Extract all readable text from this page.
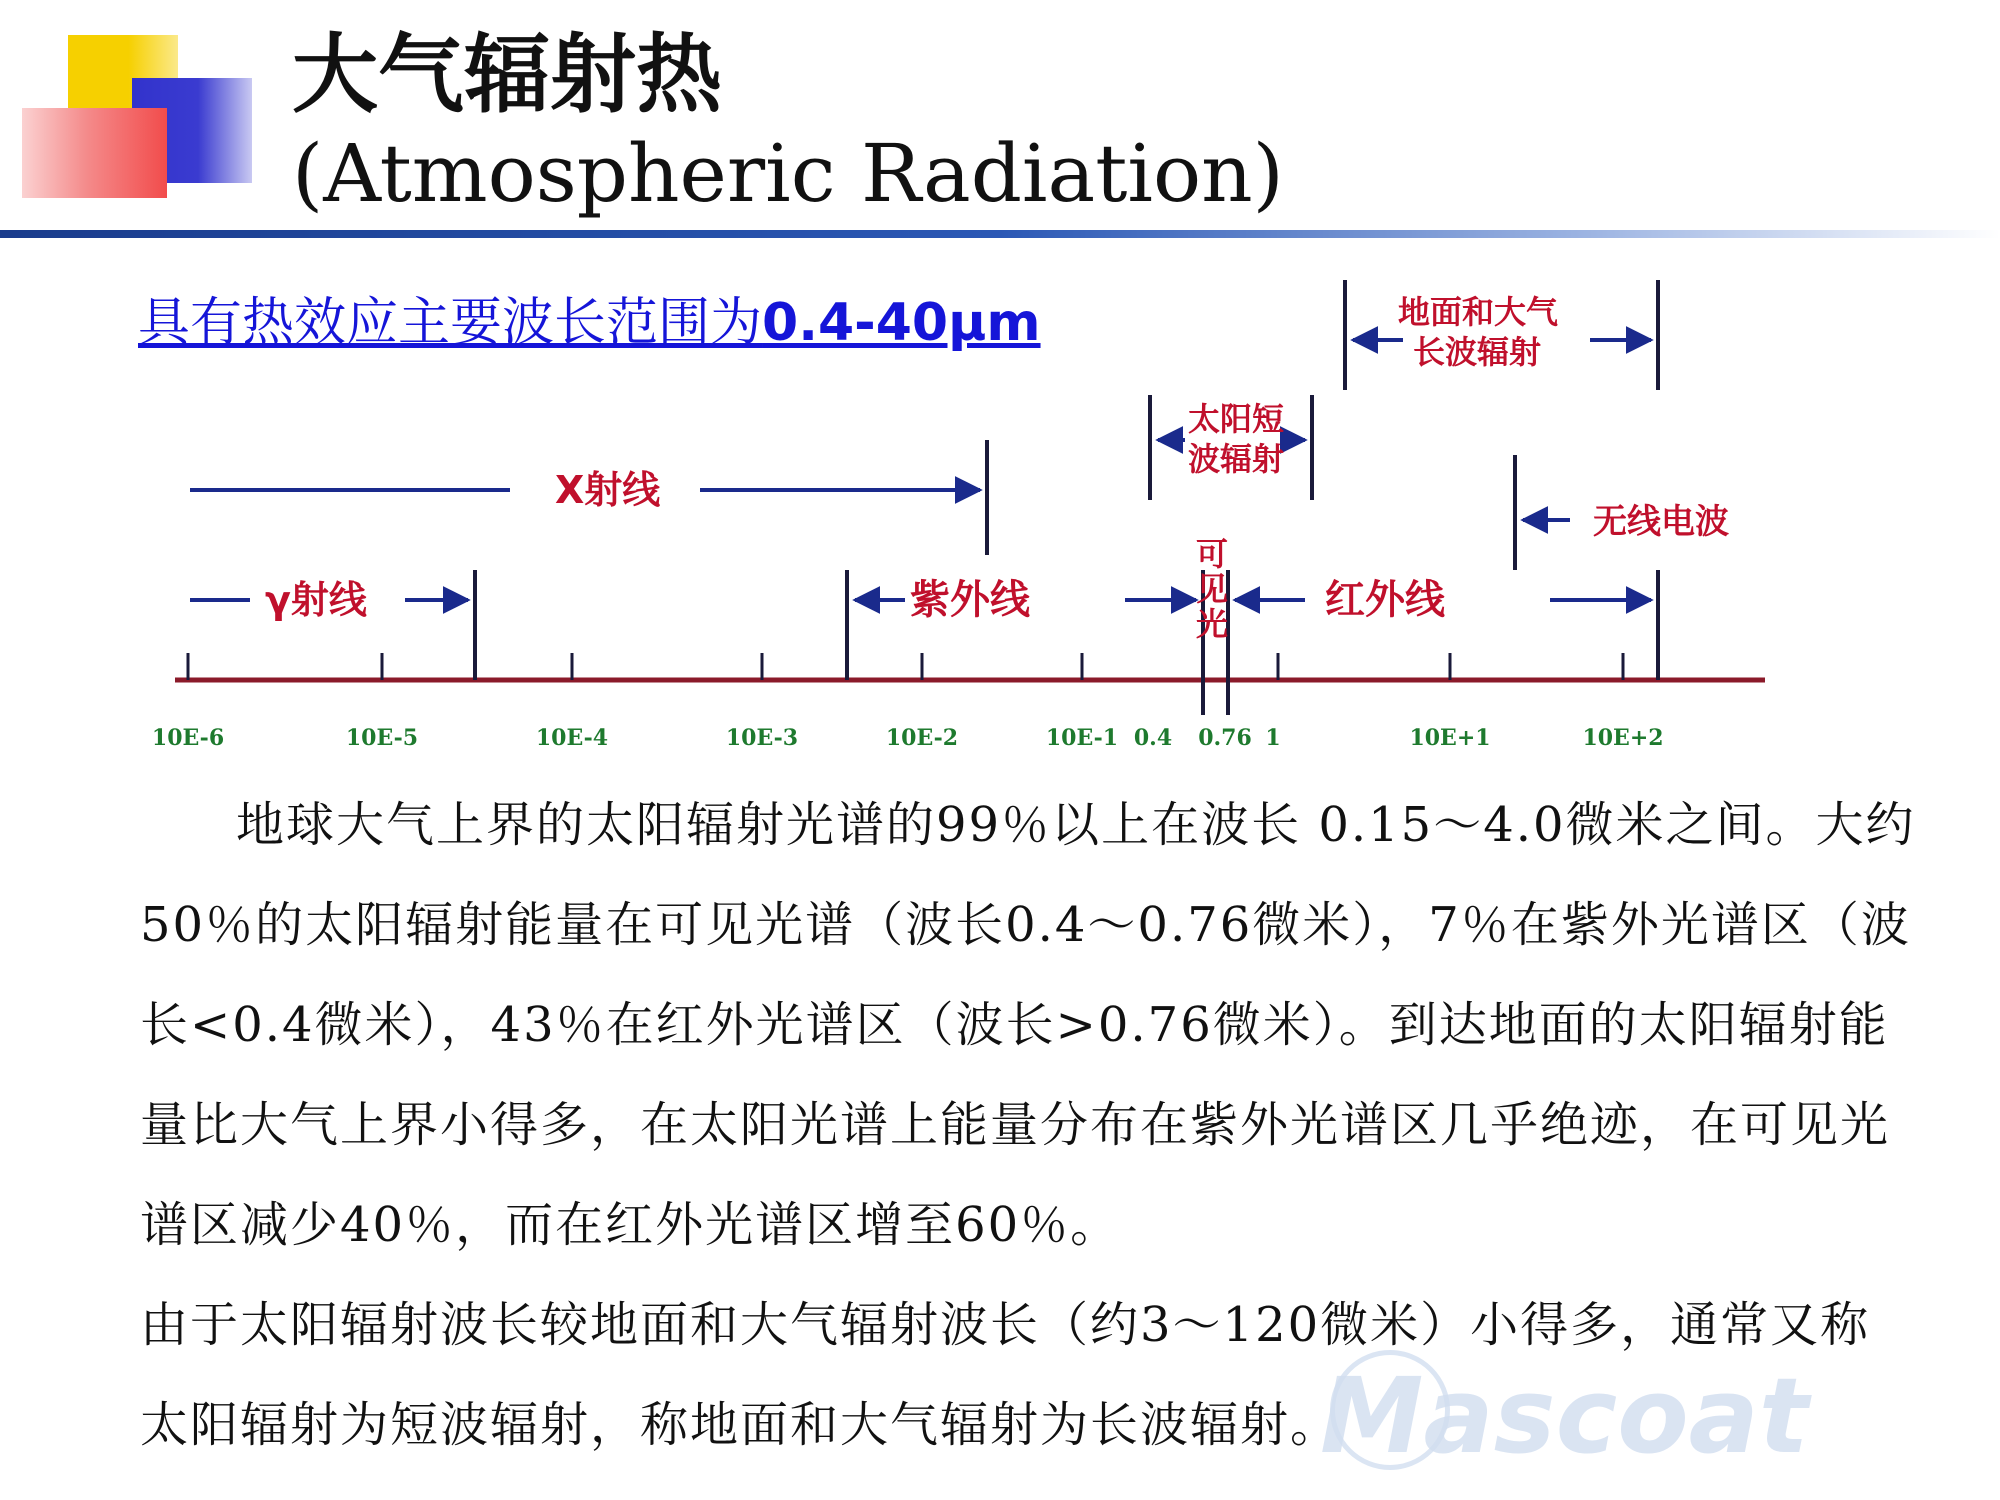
大气辐射热
(Atmospheric Radiation)
具有热效应主要波长范围为0.4-40μm
X射线
γ射线	紫外线	红外线
可
见
光
太阳短
波辐射
地面和大气
长波辐射
无线电波
10E-6	10E-5	10E-4	10E-3	10E-2	10E-1 0.4 0.76 1	10E+1	10E+2

地球大气上界的太阳辐射光谱的99％以上在波长 0.15～4.0微米之间。大约50％的太阳辐射能量在可见光谱（波长0.4～0.76微米），7％在紫外光谱区（波长<0.4微米），43％在红外光谱区（波长>0.76微米）。到达地面的太阳辐射能量比大气上界小得多，在太阳光谱上能量分布在紫外光谱区几乎绝迹，在可见光谱区减少40％，而在红外光谱区增至60％。

由于太阳辐射波长较地面和大气辐射波长（约3～120微米）小得多，通常又称太阳辐射为短波辐射，称地面和大气辐射为长波辐射。

Mascoat
